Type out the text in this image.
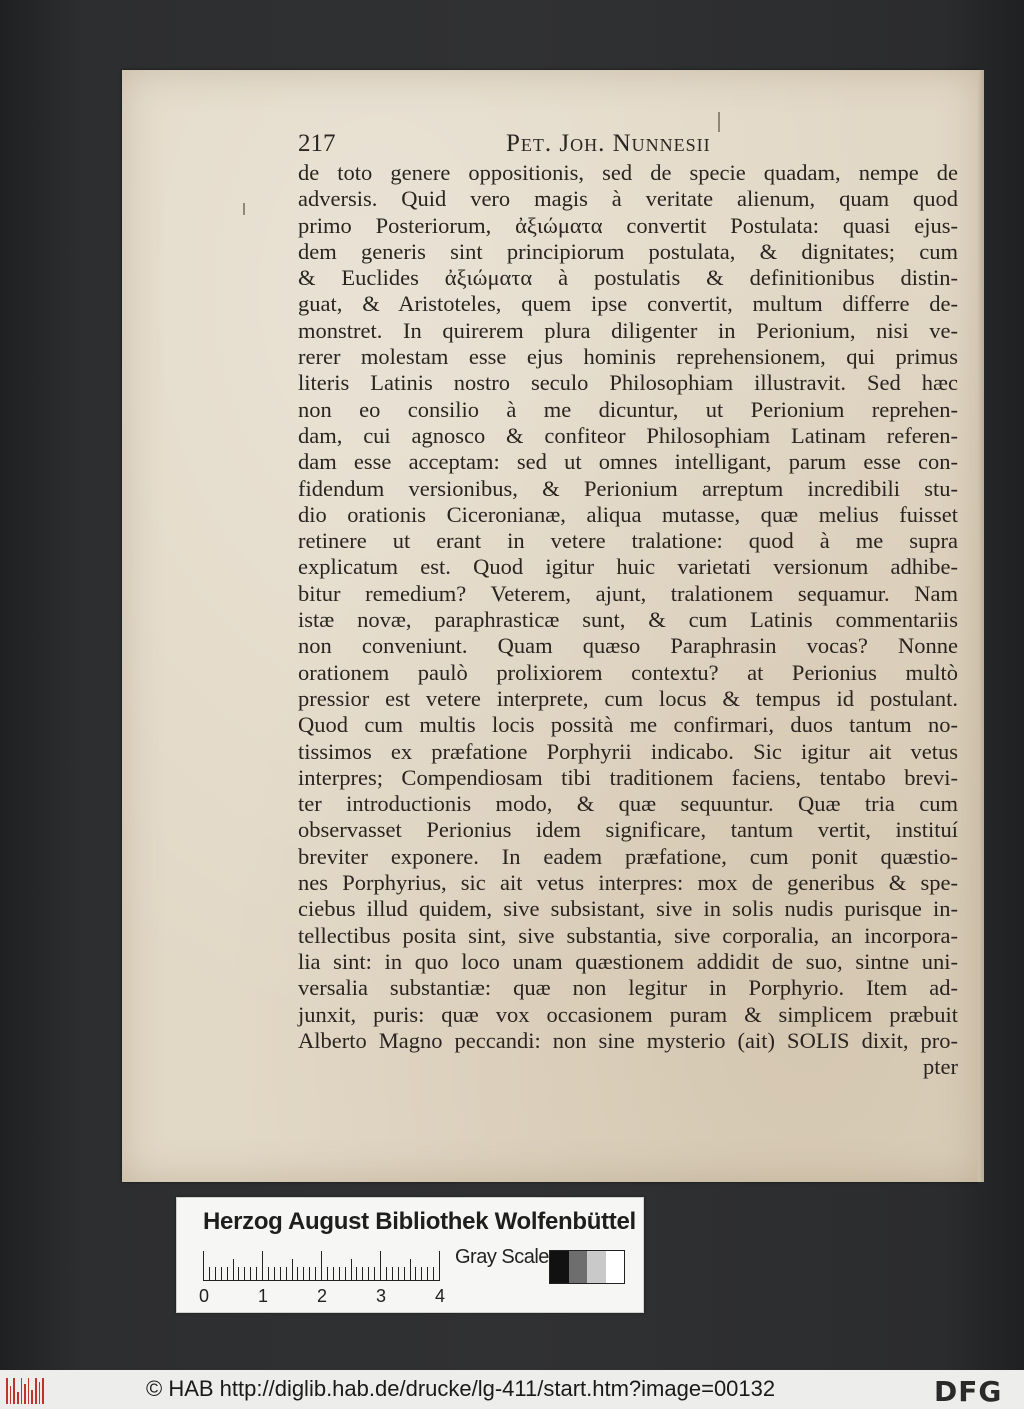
217	Pet. Joh. Nunnesii
de toto genere oppositionis, sed de specie quadam, nempe de
adversis. Quid vero magis à veritate alienum, quam quod
primo Posteriorum, ἀξιώματα convertit Postulata: quasi ejus-
dem generis sint principiorum postulata, & dignitates; cum
& Euclides ἀξιώματα à postulatis & definitionibus distin-
guat, & Aristoteles, quem ipse convertit, multum differre de-
monstret. In quirerem plura diligenter in Perionium, nisi ve-
rerer molestam esse ejus hominis reprehensionem, qui primus
literis Latinis nostro seculo Philosophiam illustravit. Sed hæc
non eo consilio à me dicuntur, ut Perionium reprehen-
dam, cui agnosco & confiteor Philosophiam Latinam referen-
dam esse acceptam: sed ut omnes intelligant, parum esse con-
fidendum versionibus, & Perionium arreptum incredibili stu-
dio orationis Ciceronianæ, aliqua mutasse, quæ melius fuisset
retinere ut erant in vetere tralatione: quod à me supra
explicatum est. Quod igitur huic varietati versionum adhibe-
bitur remedium? Veterem, ajunt, tralationem sequamur. Nam
istæ novæ, paraphrasticæ sunt, & cum Latinis commentariis
non conveniunt. Quam quæso Paraphrasin vocas? Nonne
orationem paulò prolixiorem contextu? at Perionius multò
pressior est vetere interprete, cum locus & tempus id postulant.
Quod cum multis locis possità me confirmari, duos tantum no-
tissimos ex præfatione Porphyrii indicabo. Sic igitur ait vetus
interpres; Compendiosam tibi traditionem faciens, tentabo brevi-
ter introductionis modo, & quæ sequuntur. Quæ tria cum
observasset Perionius idem significare, tantum vertit, instituí
breviter exponere. In eadem præfatione, cum ponit quæstio-
nes Porphyrius, sic ait vetus interpres: mox de generibus & spe-
ciebus illud quidem, sive subsistant, sive in solis nudis purisque in-
tellectibus posita sint, sive substantia, sive corporalia, an incorpora-
lia sint: in quo loco unam quæstionem addidit de suo, sintne uni-
versalia substantiæ: quæ non legitur in Porphyrio. Item ad-
junxit, puris: quæ vox occasionem puram & simplicem præbuit
Alberto Magno peccandi: non sine mysterio (ait) SOLIS dixit, pro-
pter
Herzog August Bibliothek Wolfenbüttel
0	1	2	3	4
Gray Scale
© HAB http://diglib.hab.de/drucke/lg-411/start.htm?image=00132	DFG
